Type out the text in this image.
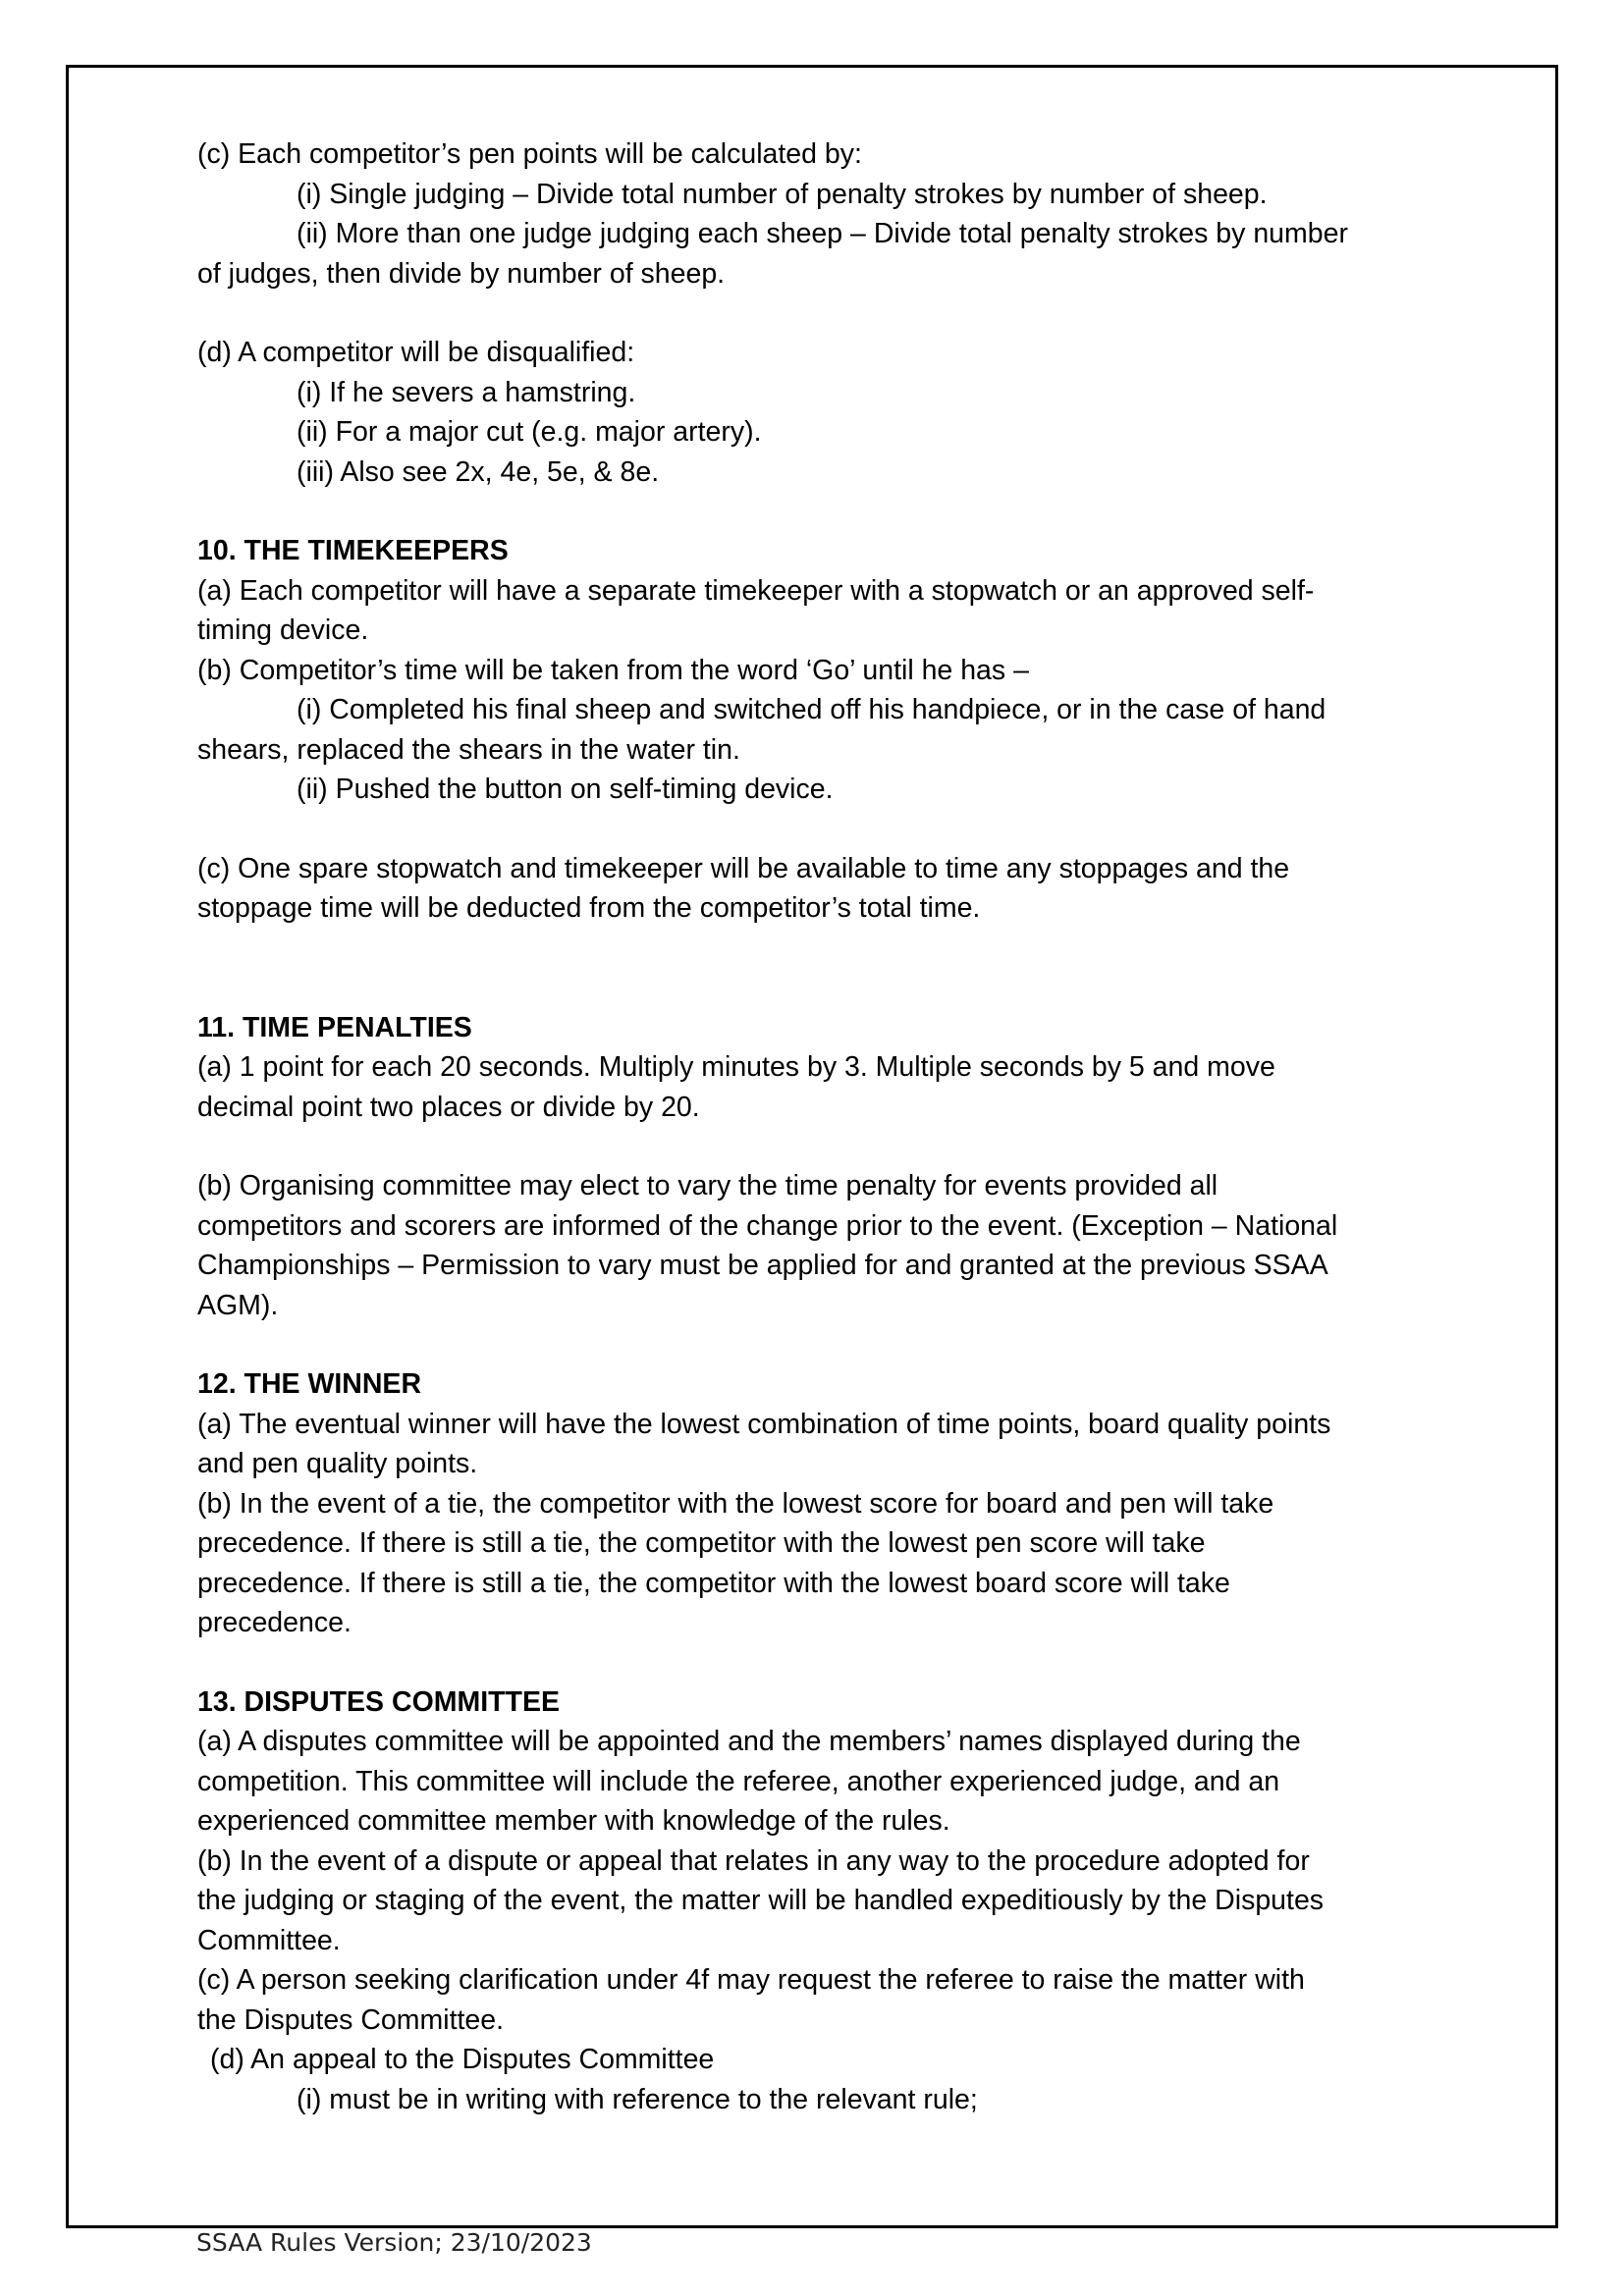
(c) Each competitor’s pen points will be calculated by:

(i) Single judging – Divide total number of penalty strokes by number of sheep.

(ii) More than one judge judging each sheep – Divide total penalty strokes by number

of judges, then divide by number of sheep.

(d) A competitor will be disqualified:

(i) If he severs a hamstring.

(ii) For a major cut (e.g. major artery).

(iii) Also see 2x, 4e, 5e, & 8e.

10. THE TIMEKEEPERS

(a) Each competitor will have a separate timekeeper with a stopwatch or an approved self-

timing device.

(b) Competitor’s time will be taken from the word ‘Go’ until he has –

(i) Completed his final sheep and switched off his handpiece, or in the case of hand

shears, replaced the shears in the water tin.

(ii) Pushed the button on self-timing device.

(c) One spare stopwatch and timekeeper will be available to time any stoppages and the

stoppage time will be deducted from the competitor’s total time.

11. TIME PENALTIES

(a) 1 point for each 20 seconds. Multiply minutes by 3. Multiple seconds by 5 and move

decimal point two places or divide by 20.

(b) Organising committee may elect to vary the time penalty for events provided all

competitors and scorers are informed of the change prior to the event. (Exception – National

Championships – Permission to vary must be applied for and granted at the previous SSAA

AGM).

12. THE WINNER

(a) The eventual winner will have the lowest combination of time points, board quality points

and pen quality points.

(b) In the event of a tie, the competitor with the lowest score for board and pen will take

precedence. If there is still a tie, the competitor with the lowest pen score will take

precedence. If there is still a tie, the competitor with the lowest board score will take

precedence.

13. DISPUTES COMMITTEE

(a) A disputes committee will be appointed and the members’ names displayed during the

competition. This committee will include the referee, another experienced judge, and an

experienced committee member with knowledge of the rules.

(b) In the event of a dispute or appeal that relates in any way to the procedure adopted for

the judging or staging of the event, the matter will be handled expeditiously by the Disputes

Committee.

(c) A person seeking clarification under 4f may request the referee to raise the matter with

the Disputes Committee.

(d) An appeal to the Disputes Committee

(i) must be in writing with reference to the relevant rule;

SSAA Rules Version; 23/10/2023
